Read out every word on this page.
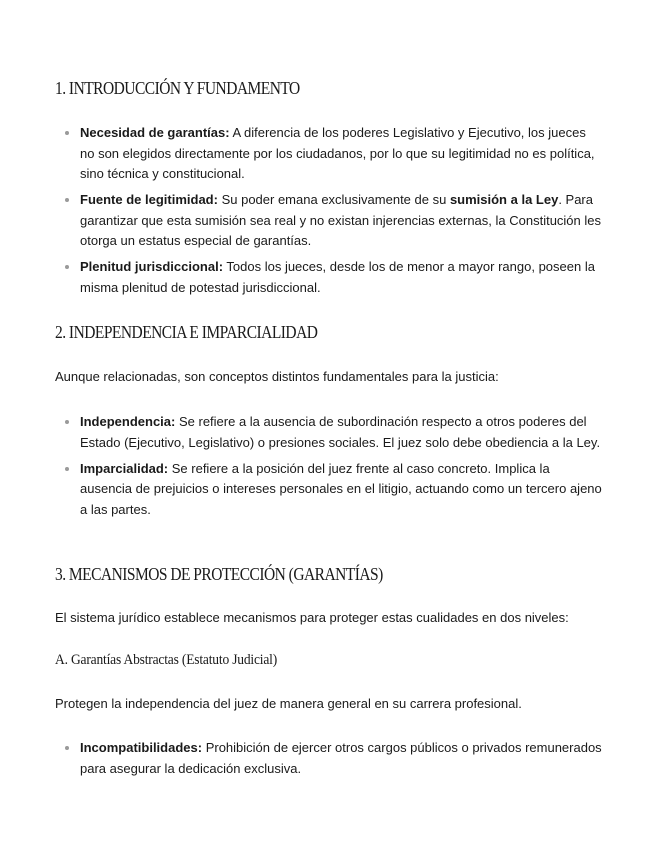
1. INTRODUCCIÓN Y FUNDAMENTO
Necesidad de garantías: A diferencia de los poderes Legislativo y Ejecutivo, los jueces no son elegidos directamente por los ciudadanos, por lo que su legitimidad no es política, sino técnica y constitucional.
Fuente de legitimidad: Su poder emana exclusivamente de su sumisión a la Ley. Para garantizar que esta sumisión sea real y no existan injerencias externas, la Constitución les otorga un estatus especial de garantías.
Plenitud jurisdiccional: Todos los jueces, desde los de menor a mayor rango, poseen la misma plenitud de potestad jurisdiccional.
2. INDEPENDENCIA E IMPARCIALIDAD

Aunque relacionadas, son conceptos distintos fundamentales para la justicia:

Independencia: Se refiere a la ausencia de subordinación respecto a otros poderes del Estado (Ejecutivo, Legislativo) o presiones sociales. El juez solo debe obediencia a la Ley.
Imparcialidad: Se refiere a la posición del juez frente al caso concreto. Implica la ausencia de prejuicios o intereses personales en el litigio, actuando como un tercero ajeno a las partes.
3. MECANISMOS DE PROTECCIÓN (GARANTÍAS)

El sistema jurídico establece mecanismos para proteger estas cualidades en dos niveles:

A. Garantías Abstractas (Estatuto Judicial)

Protegen la independencia del juez de manera general en su carrera profesional.

Incompatibilidades: Prohibición de ejercer otros cargos públicos o privados remunerados para asegurar la dedicación exclusiva.
